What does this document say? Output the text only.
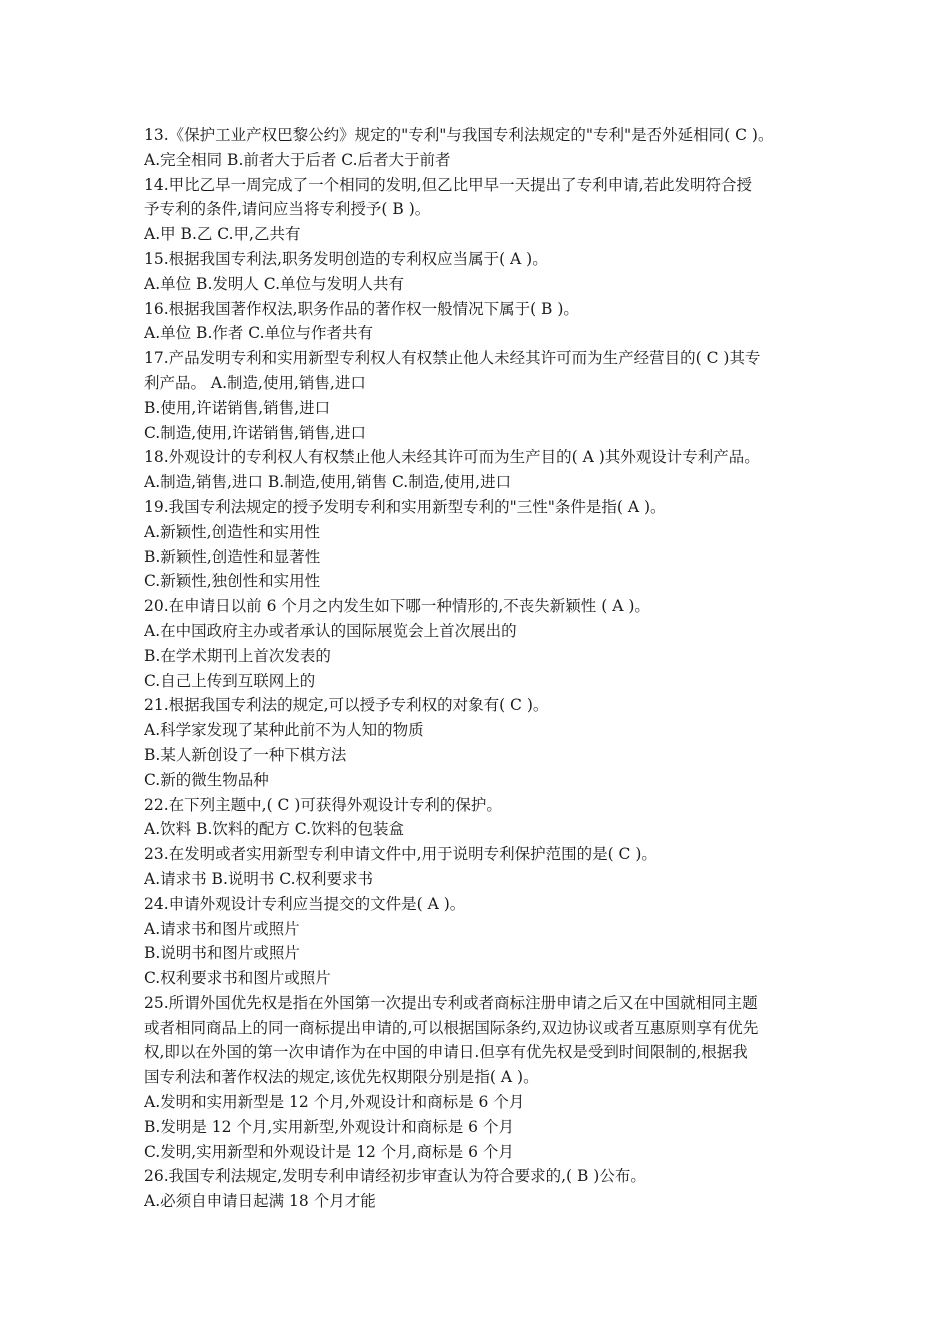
13.《保护工业产权巴黎公约》规定的"专利"与我国专利法规定的"专利"是否外延相同( C )。

A.完全相同 B.前者大于后者 C.后者大于前者

14.甲比乙早一周完成了一个相同的发明,但乙比甲早一天提出了专利申请,若此发明符合授

予专利的条件,请问应当将专利授予( B )。

A.甲 B.乙 C.甲,乙共有

15.根据我国专利法,职务发明创造的专利权应当属于( A )。

A.单位 B.发明人 C.单位与发明人共有

16.根据我国著作权法,职务作品的著作权一般情况下属于( B )。

A.单位 B.作者 C.单位与作者共有

17.产品发明专利和实用新型专利权人有权禁止他人未经其许可而为生产经营目的( C )其专

利产品。 A.制造,使用,销售,进口

B.使用,许诺销售,销售,进口

C.制造,使用,许诺销售,销售,进口

18.外观设计的专利权人有权禁止他人未经其许可而为生产目的( A )其外观设计专利产品。

A.制造,销售,进口 B.制造,使用,销售 C.制造,使用,进口

19.我国专利法规定的授予发明专利和实用新型专利的"三性"条件是指( A )。

A.新颖性,创造性和实用性

B.新颖性,创造性和显著性

C.新颖性,独创性和实用性

20.在申请日以前 6 个月之内发生如下哪一种情形的,不丧失新颖性 ( A )。

A.在中国政府主办或者承认的国际展览会上首次展出的

B.在学术期刊上首次发表的

C.自己上传到互联网上的

21.根据我国专利法的规定,可以授予专利权的对象有( C )。

A.科学家发现了某种此前不为人知的物质

B.某人新创设了一种下棋方法

C.新的微生物品种

22.在下列主题中,( C )可获得外观设计专利的保护。

A.饮料 B.饮料的配方 C.饮料的包装盒

23.在发明或者实用新型专利申请文件中,用于说明专利保护范围的是( C )。

A.请求书 B.说明书 C.权利要求书

24.申请外观设计专利应当提交的文件是( A )。

A.请求书和图片或照片

B.说明书和图片或照片

C.权利要求书和图片或照片

25.所谓外国优先权是指在外国第一次提出专利或者商标注册申请之后又在中国就相同主题

或者相同商品上的同一商标提出申请的,可以根据国际条约,双边协议或者互惠原则享有优先

权,即以在外国的第一次申请作为在中国的申请日.但享有优先权是受到时间限制的,根据我

国专利法和著作权法的规定,该优先权期限分别是指( A )。

A.发明和实用新型是 12 个月,外观设计和商标是 6 个月

B.发明是 12 个月,实用新型,外观设计和商标是 6 个月

C.发明,实用新型和外观设计是 12 个月,商标是 6 个月

26.我国专利法规定,发明专利申请经初步审查认为符合要求的,( B )公布。

A.必须自申请日起满 18 个月才能
